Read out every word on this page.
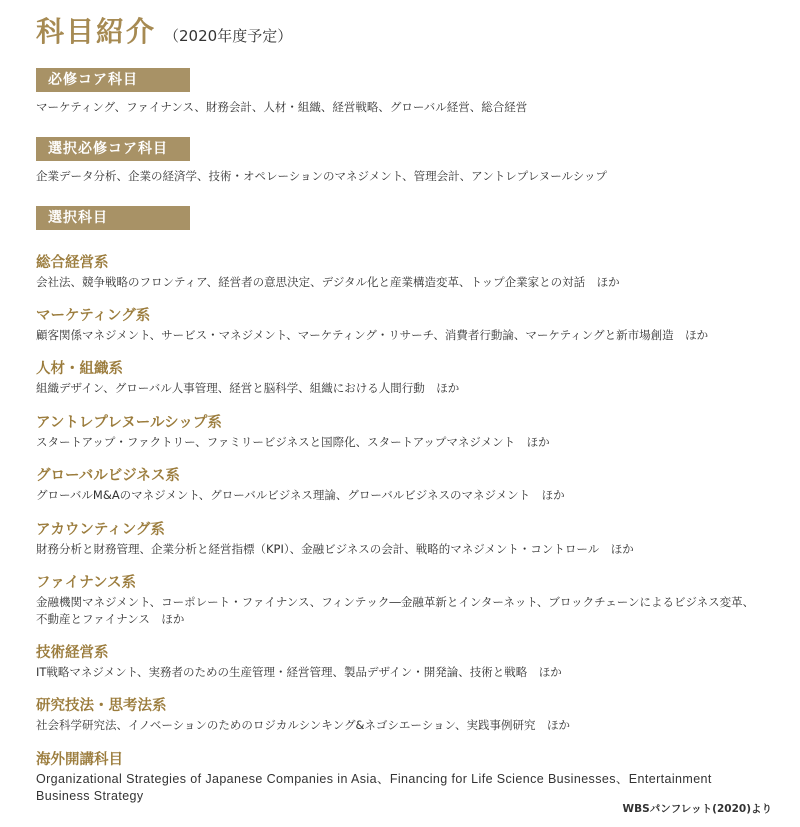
科目紹介 （2020年度予定）
必修コア科目
マーケティング、ファイナンス、財務会計、人材・組織、経営戦略、グローバル経営、総合経営
選択必修コア科目
企業データ分析、企業の経済学、技術・オペレーションのマネジメント、管理会計、アントレプレヌールシップ
選択科目
総合経営系
会社法、競争戦略のフロンティア、経営者の意思決定、デジタル化と産業構造変革、トップ企業家との対話　ほか
マーケティング系
顧客関係マネジメント、サービス・マネジメント、マーケティング・リサーチ、消費者行動論、マーケティングと新市場創造　ほか
人材・組織系
組織デザイン、グローバル人事管理、経営と脳科学、組織における人間行動　ほか
アントレプレヌールシップ系
スタートアップ・ファクトリー、ファミリービジネスと国際化、スタートアップマネジメント　ほか
グローバルビジネス系
グローバルM&Aのマネジメント、グローバルビジネス理論、グローバルビジネスのマネジメント　ほか
アカウンティング系
財務分析と財務管理、企業分析と経営指標（KPI）、金融ビジネスの会計、戦略的マネジメント・コントロール　ほか
ファイナンス系
金融機関マネジメント、コーポレート・ファイナンス、フィンテック―金融革新とインターネット、ブロックチェーンによるビジネス変革、不動産とファイナンス　ほか
技術経営系
IT戦略マネジメント、実務者のための生産管理・経営管理、製品デザイン・開発論、技術と戦略　ほか
研究技法・思考法系
社会科学研究法、イノベーションのためのロジカルシンキング&ネゴシエーション、実践事例研究　ほか
海外開講科目
Organizational Strategies of Japanese Companies in Asia、Financing for Life Science Businesses、Entertainment Business Strategy
WBSパンフレット(2020)より
